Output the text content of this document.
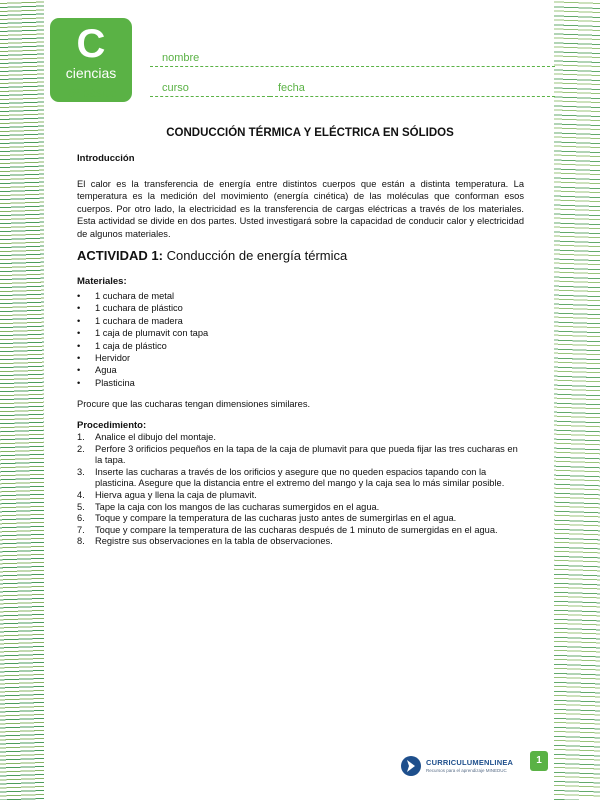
C
ciencias
6º básico
nombre
curso	fecha
CONDUCCIÓN TÉRMICA Y ELÉCTRICA EN SÓLIDOS
Introducción
El calor es la transferencia de energía entre distintos cuerpos que están a distinta temperatura. La temperatura es la medición del movimiento (energía cinética) de las moléculas que conforman esos cuerpos. Por otro lado, la electricidad es la transferencia de cargas eléctricas a través de los materiales. Esta actividad se divide en dos partes. Usted investigará sobre la capacidad de conducir calor y electricidad de algunos materiales.
ACTIVIDAD 1: Conducción de energía térmica
Materiales:
• 1 cuchara de metal
• 1 cuchara de plástico
• 1 cuchara de madera
• 1 caja de plumavit con tapa
• 1 caja de plástico
• Hervidor
• Agua
• Plasticina
Procure que las cucharas tengan dimensiones similares.
Procedimiento:
1. Analice el dibujo del montaje.
2. Perfore 3 orificios pequeños en la tapa de la caja de plumavit para que pueda fijar las tres cucharas en la tapa.
3. Inserte las cucharas a través de los orificios y asegure que no queden espacios tapando con la plasticina. Asegure que la distancia entre el extremo del mango y la caja sea lo más similar posible.
4. Hierva agua y llena la caja de plumavit.
5. Tape la caja con los mangos de las cucharas sumergidos en el agua.
6. Toque y compare la temperatura de las cucharas justo antes de sumergirlas en el agua.
7. Toque y compare la temperatura de las cucharas después de 1 minuto de sumergidas en el agua.
8. Registre sus observaciones en la tabla de observaciones.
CURRICULUMENLINEA
Recursos para el aprendizaje MINEDUC
1
